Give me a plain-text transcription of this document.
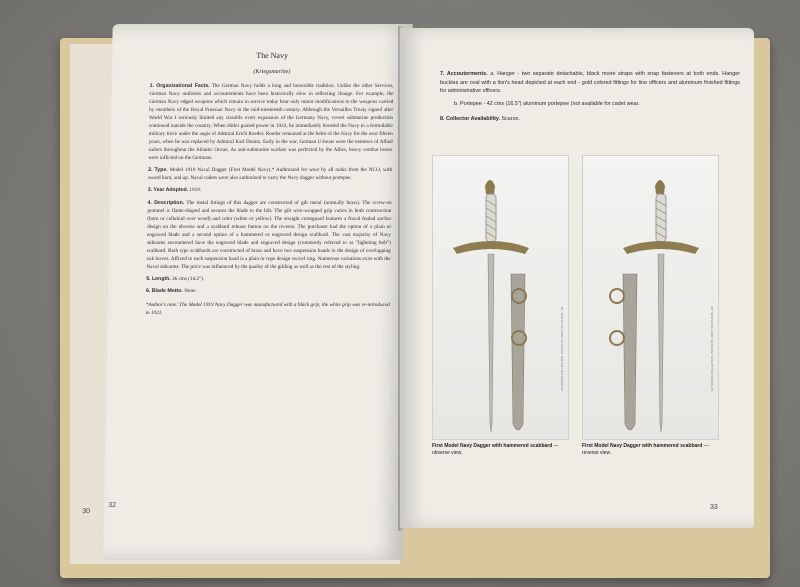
The Navy
(Kriegsmarine)
1. Organizational Facts. The German Navy holds a long and honorable tradition. Unlike the other Services, German Navy uniforms and accoutrements have been historically slow in reflecting change. For example, the German Navy edged weapons which remain in service today bear only minor modifications to the weapons carried by members of the Royal Prussian Navy in the mid-nineteenth century. Although the Versailles Treaty signed after World War I seriously limited any sizeable overt expansion of the Germany Navy, covert submarine production continued outside the country. When Hitler gained power in 1933, he immediately boosted the Navy to a formidable military force under the aegis of Admiral Erich Roeder. Roeder remained at the helm of the Navy for the next fifteen years, when he was replaced by Admiral Karl Donitz. Early in the war, German U-boats were the nemeses of Allied sailors throughout the Atlantic Ocean. As anti-submarine warfare was perfected by the Allies, heavy combat losses were inflicted on the Germans.
2. Type. Model 1919 Naval Dagger (First Model Navy).* Authorized for wear by all ranks from the NCO, with sword knot, and up. Naval cadets were also authorized to carry the Navy dagger without portepee.
3. Year Adopted. 1919.
4. Description. The metal fittings of this dagger are constructed of gilt metal (normally brass). The screw-on pommel is flame-shaped and secures the blade to the hilt. The gilt wire-wrapped grip varies in both construction (horn or celluloid over wood) and color (white or yellow). The straight crossguard features a Naval fouled anchor design on the obverse and a scabbard release button on the reverse. The purchaser had the option of a plain or engraved blade and a second option of a hammered or engraved design scabbard. The vast majority of Navy sidearms encountered have the engraved blade and engraved design (commonly referred to as "lightning bolt") scabbard. Both type scabbards are constructed of brass and have two suspension bands in the design of overlapping oak leaves. Affixed to each suspension band is a plain or rope design swivel ring. Numerous variations exist with the Naval sidearms. The price was influenced by the quality of the gilding as well as the rest of the styling.
5. Length. 36 cms (14.2").
6. Blade Motto. None.
*Author's note: The Model 1919 Navy Dagger was manufactured with a black grip, the white grip was re-introduced in 1921.
30
32
7. Accouterments. a. Hanger - two separate detachable, black moire straps with snap fasteners at both ends. Hanger buckles are oval with a lion's head depicted at each end - gold colored fittings for line officers and aluminum finished fittings for administrative officers.
b. Portepee - 42 cms (16.5") aluminum portepee (not available for cadet wear.
8. Collector Availability. Scarce.
33
AUTHOR'S COLLECTION. PHOTO BY ANDY SOUTHARD, JR.	AUTHOR'S COLLECTION. PHOTO BY ANDY SOUTHARD, JR.
First Model Navy Dagger with hammered scabbard — obverse view.
First Model Navy Dagger with hammered scabbard — reverse view.
